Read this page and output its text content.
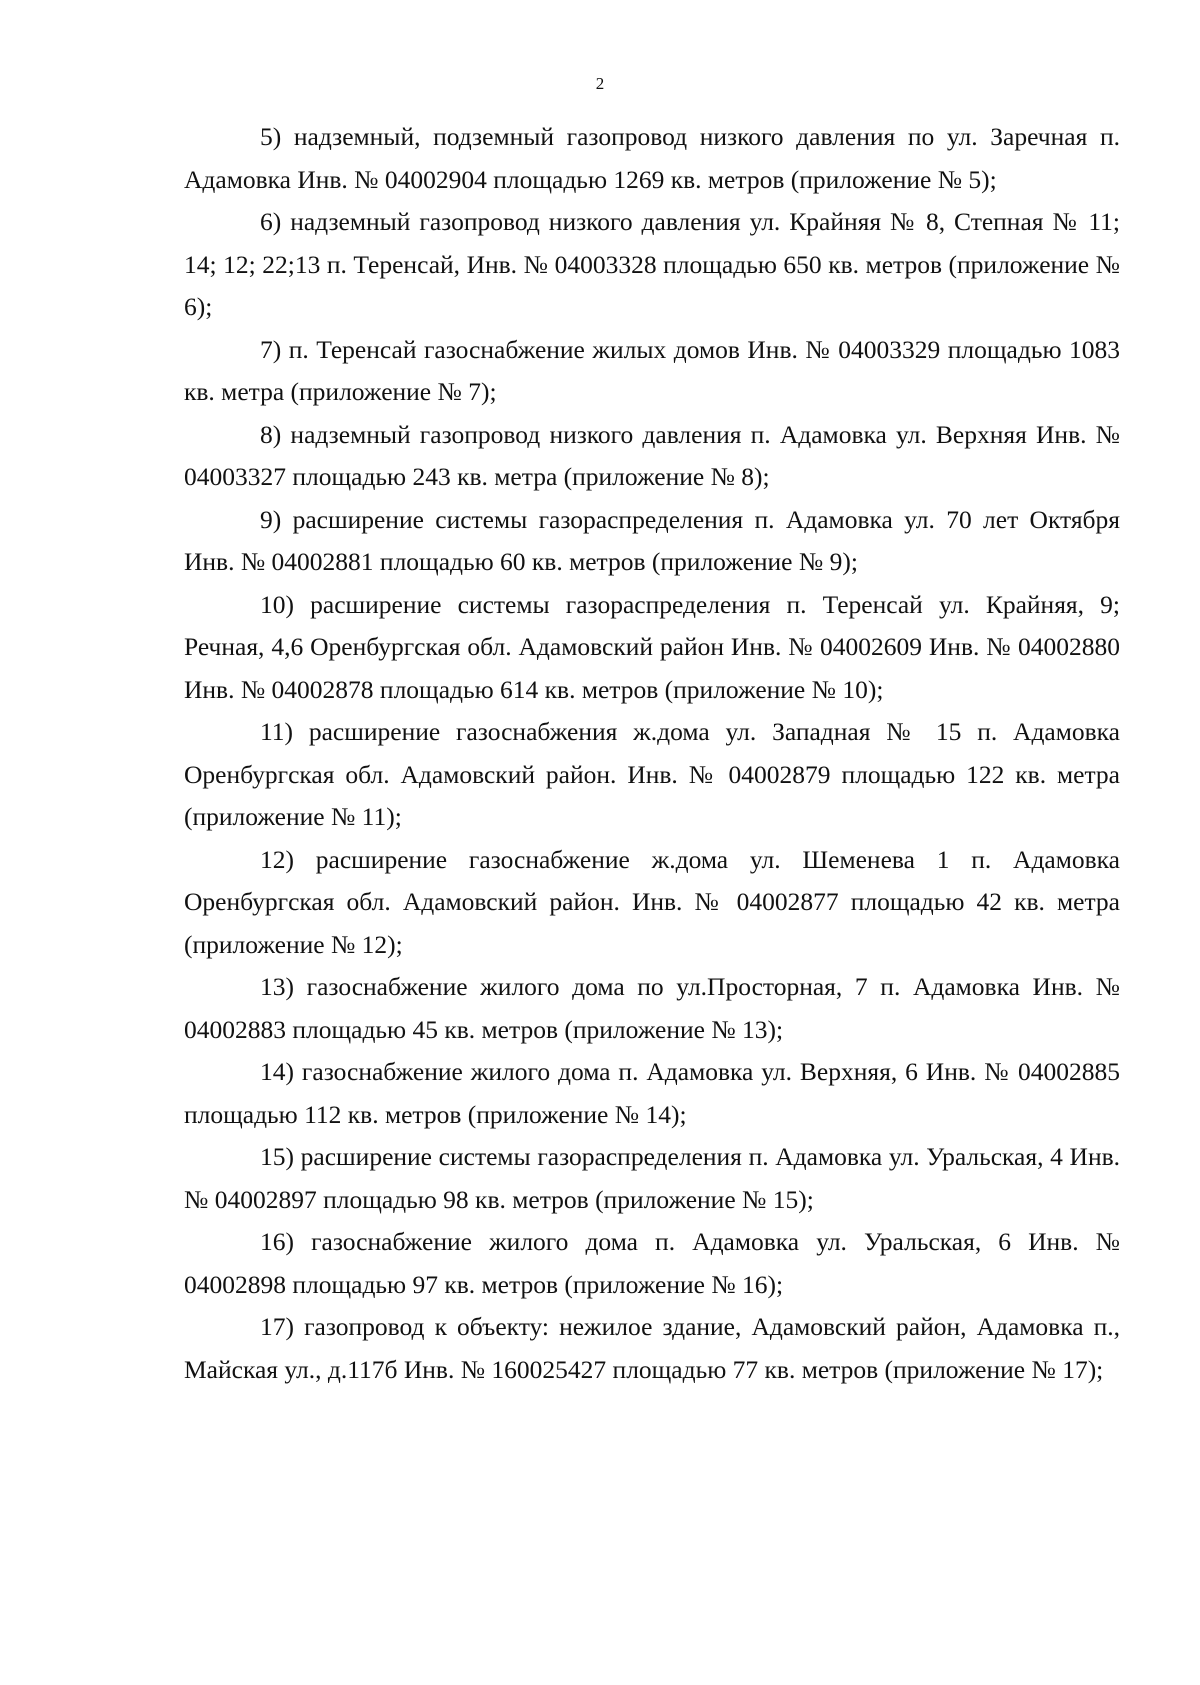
2

5) надземный, подземный газопровод низкого давления по ул. Заречная п. Адамовка Инв. № 04002904 площадью 1269 кв. метров (приложение № 5);

6) надземный газопровод низкого давления ул. Крайняя № 8, Степная № 11; 14; 12; 22;13 п. Теренсай, Инв. № 04003328 площадью 650 кв. метров (приложение № 6);

7) п. Теренсай газоснабжение жилых домов Инв. № 04003329 площадью 1083 кв. метра (приложение № 7);

8) надземный газопровод низкого давления п. Адамовка ул. Верхняя Инв. № 04003327 площадью 243 кв. метра (приложение № 8);

9) расширение системы газораспределения п. Адамовка ул. 70 лет Октября Инв. № 04002881 площадью 60 кв. метров (приложение № 9);

10) расширение системы газораспределения п. Теренсай ул. Крайняя, 9; Речная, 4,6 Оренбургская обл. Адамовский район Инв. № 04002609 Инв. № 04002880 Инв. № 04002878 площадью 614 кв. метров (приложение № 10);

11) расширение газоснабжения ж.дома ул. Западная № 15 п. Адамовка Оренбургская обл. Адамовский район. Инв. № 04002879 площадью 122 кв. метра (приложение № 11);

12) расширение газоснабжение ж.дома ул. Шеменева 1 п. Адамовка Оренбургская обл. Адамовский район. Инв. № 04002877 площадью 42 кв. метра (приложение № 12);

13) газоснабжение жилого дома по ул.Просторная, 7 п. Адамовка Инв. № 04002883 площадью 45 кв. метров (приложение № 13);

14) газоснабжение жилого дома п. Адамовка ул. Верхняя, 6 Инв. № 04002885 площадью 112 кв. метров (приложение № 14);

15) расширение системы газораспределения п. Адамовка ул. Уральская, 4 Инв. № 04002897 площадью 98 кв. метров (приложение № 15);

16) газоснабжение жилого дома п. Адамовка ул. Уральская, 6 Инв. № 04002898 площадью 97 кв. метров (приложение № 16);

17) газопровод к объекту: нежилое здание, Адамовский район, Адамовка п., Майская ул., д.117б Инв. № 160025427 площадью 77 кв. метров (приложение № 17);
